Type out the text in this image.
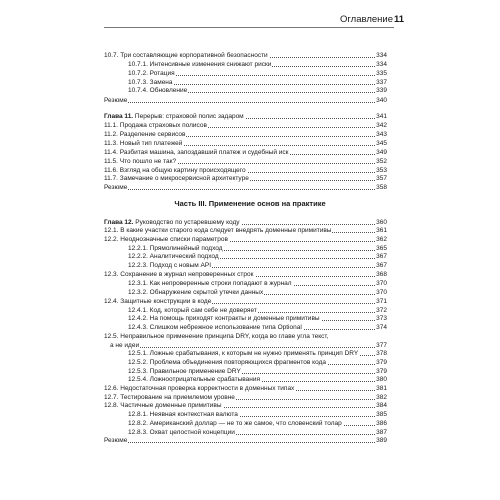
Оглавление 11
Часть III. Применение основ на практике
10.7. Три составляющие корпоративной безопасности	334
10.7.1. Интенсивные изменения снижают риски	334
10.7.2. Ротация	335
10.7.3. Замена	337
10.7.4. Обновление	339
Резюме	340
Глава 11. Перерыв: страховой полис задаром	341
11.1. Продажа страховых полисов	342
11.2. Разделение сервисов	343
11.3. Новый тип платежей	345
11.4. Разбитая машина, запоздавший платеж и судебный иск	349
11.5. Что пошло не так?	352
11.6. Взгляд на общую картину происходящего	353
11.7. Замечание о микросервисной архитектуре	357
Резюме	358
Глава 12. Руководство по устаревшему коду	360
12.1. В какие участки старого кода следует внедрять доменные примитивы	361
12.2. Неоднозначные списки параметров	362
12.2.1. Прямолинейный подход	365
12.2.2. Аналитический подход	367
12.2.3. Подход с новым API	367
12.3. Сохранение в журнал непроверенных строк	368
12.3.1. Как непроверенные строки попадают в журнал	370
12.3.2. Обнаружение скрытой утечки данных	370
12.4. Защитные конструкции в коде	371
12.4.1. Код, который сам себе не доверяет	372
12.4.2. На помощь приходят контракты и доменные примитивы	373
12.4.3. Слишком небрежное использование типа Optional	374
12.5. Неправильное применение принципа DRY, когда во главе угла текст,
а не идеи	377
12.5.1. Ложные срабатывания, к которым не нужно применять принцип DRY	378
12.5.2. Проблема объединения повторяющихся фрагментов кода	379
12.5.3. Правильное применение DRY	379
12.5.4. Ложноотрицательные срабатывания	380
12.6. Недостаточная проверка корректности в доменных типах	381
12.7. Тестирование на приемлемом уровне	382
12.8. Частичные доменные примитивы	384
12.8.1. Неявная контекстная валюта	385
12.8.2. Американский доллар — не то же самое, что словенский толар	386
12.8.3. Охват целостной концепции	387
Резюме	389
